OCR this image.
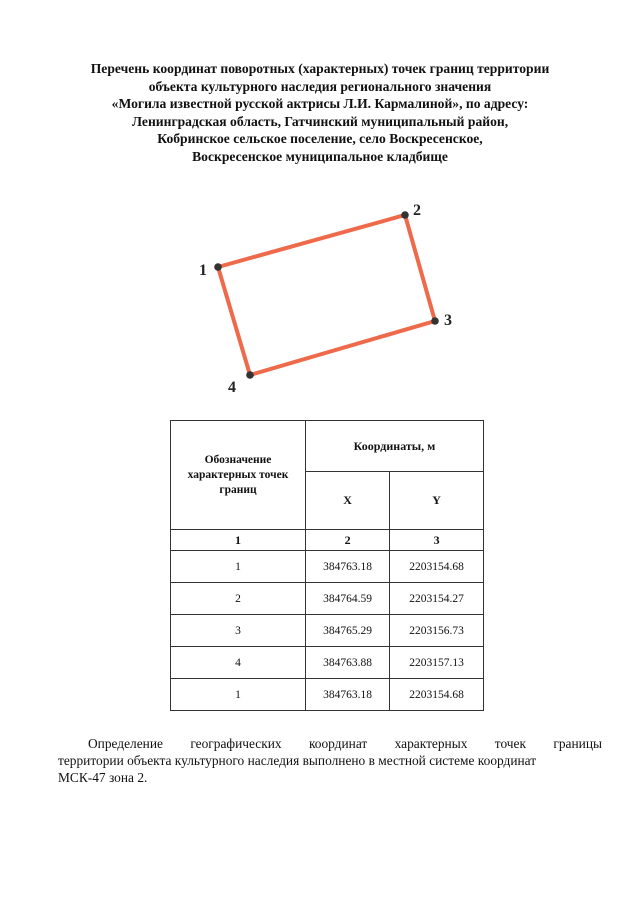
Перечень координат поворотных (характерных) точек границ территории
объекта культурного наследия регионального значения
«Могила известной русской актрисы Л.И. Кармалиной», по адресу:
Ленинградская область, Гатчинский муниципальный район,
Кобринское сельское поселение, село Воскресенское,
Воскресенское муниципальное кладбище
1
2
3
4
Обозначение характерных точек границ	Координаты, м	
	X	Y
1	2	3
1	384763.18	2203154.68
2	384764.59	2203154.27
3	384765.29	2203156.73
4	384763.88	2203157.13
1	384763.18	2203154.68
Определение географических координат характерных точек границы
территории объекта культурного наследия выполнено в местной системе координат
МСК-47 зона 2.
